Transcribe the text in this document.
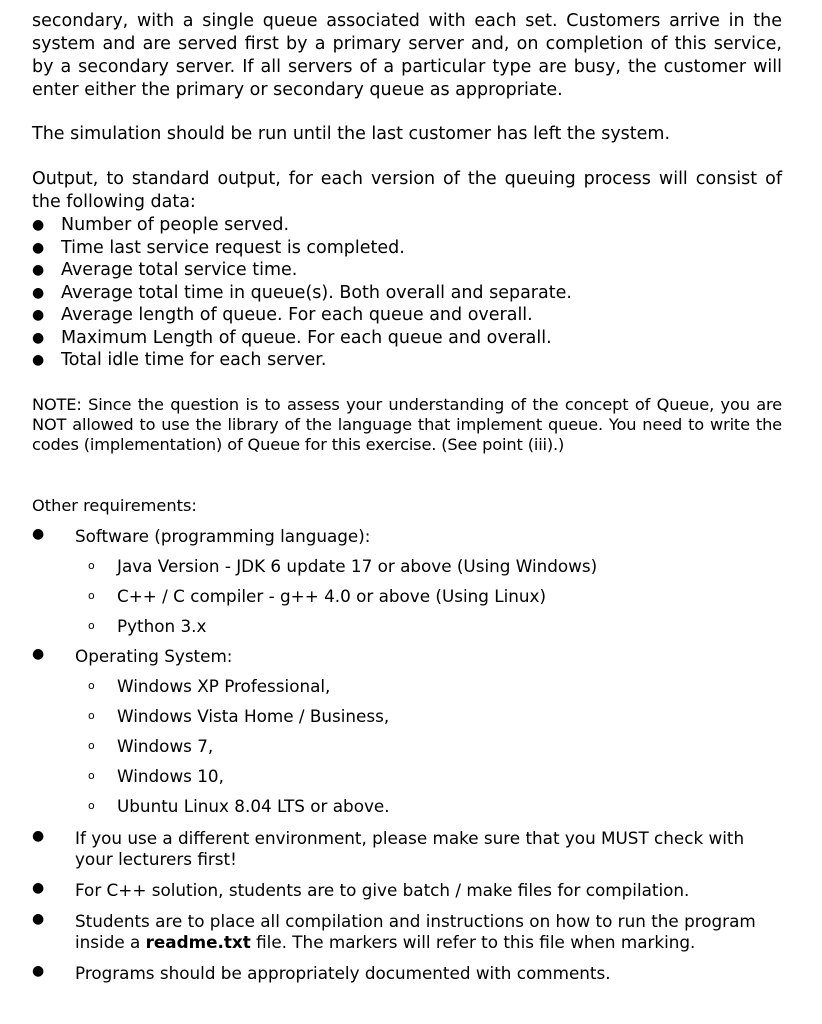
secondary, with a single queue associated with each set. Customers arrive in the system and are served first by a primary server and, on completion of this service, by a secondary server. If all servers of a particular type are busy, the customer will enter either the primary or secondary queue as appropriate.

The simulation should be run until the last customer has left the system.

Output, to standard output, for each version of the queuing process will consist of the following data:

● Number of people served.
● Time last service request is completed.
● Average total service time.
● Average total time in queue(s). Both overall and separate.
● Average length of queue. For each queue and overall.
● Maximum Length of queue. For each queue and overall.
● Total idle time for each server.

NOTE: Since the question is to assess your understanding of the concept of Queue, you are NOT allowed to use the library of the language that implement queue. You need to write the codes (implementation) of Queue for this exercise. (See point (iii).)

Other requirements:

● Software (programming language):
o Java Version - JDK 6 update 17 or above (Using Windows)
o C++ / C compiler - g++ 4.0 or above (Using Linux)
o Python 3.x
● Operating System:
o Windows XP Professional,
o Windows Vista Home / Business,
o Windows 7,
o Windows 10,
o Ubuntu Linux 8.04 LTS or above.
● If you use a different environment, please make sure that you MUST check with your lecturers first!
● For C++ solution, students are to give batch / make files for compilation.
● Students are to place all compilation and instructions on how to run the program inside a readme.txt file. The markers will refer to this file when marking.
● Programs should be appropriately documented with comments.
